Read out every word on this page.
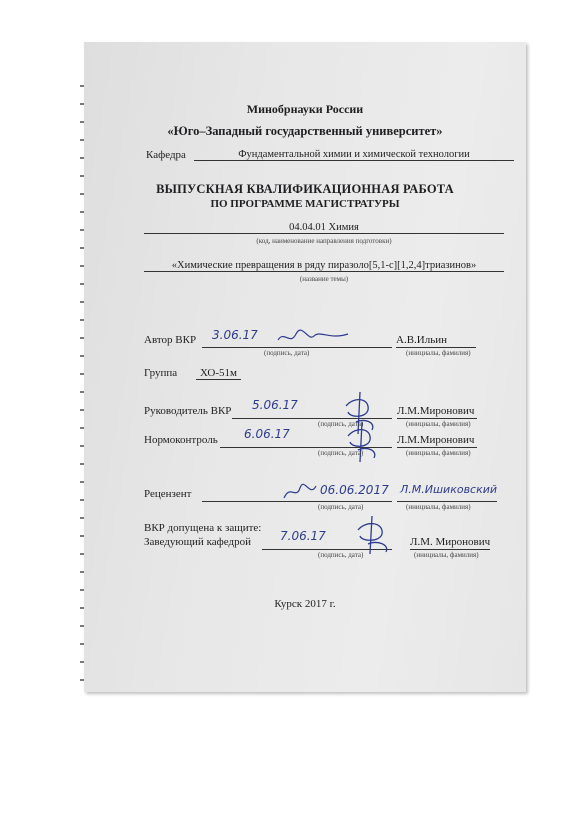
Минобрнауки России
«Юго–Западный государственный университет»
Кафедра	Фундаментальной химии и химической технологии
ВЫПУСКНАЯ КВАЛИФИКАЦИОННАЯ РАБОТА
ПО ПРОГРАММЕ МАГИСТРАТУРЫ
04.04.01 Химия
(код, наименование направления подготовки)
«Химические превращения в ряду пиразоло[5,1-c][1,2,4]триазинов»
(название темы)
Автор ВКР 3.06.17	А.В.Ильин
(подпись, дата)	(инициалы, фамилия)
Группа	ХО-51м
Руководитель ВКР 5.06.17	Л.М.Миронович
(подпись, дата)	(инициалы, фамилия)
Нормоконтроль 6.06.17	Л.М.Миронович
(подпись, дата)	(инициалы, фамилия)
Рецензент	06.06.2017 Л.М.Ишиковский
(подпись, дата)	(инициалы, фамилия)
ВКР допущена к защите:
Заведующий кафедрой 7.06.17	Л.М. Миронович
(подпись, дата)	(инициалы, фамилия)
Курск 2017 г.
